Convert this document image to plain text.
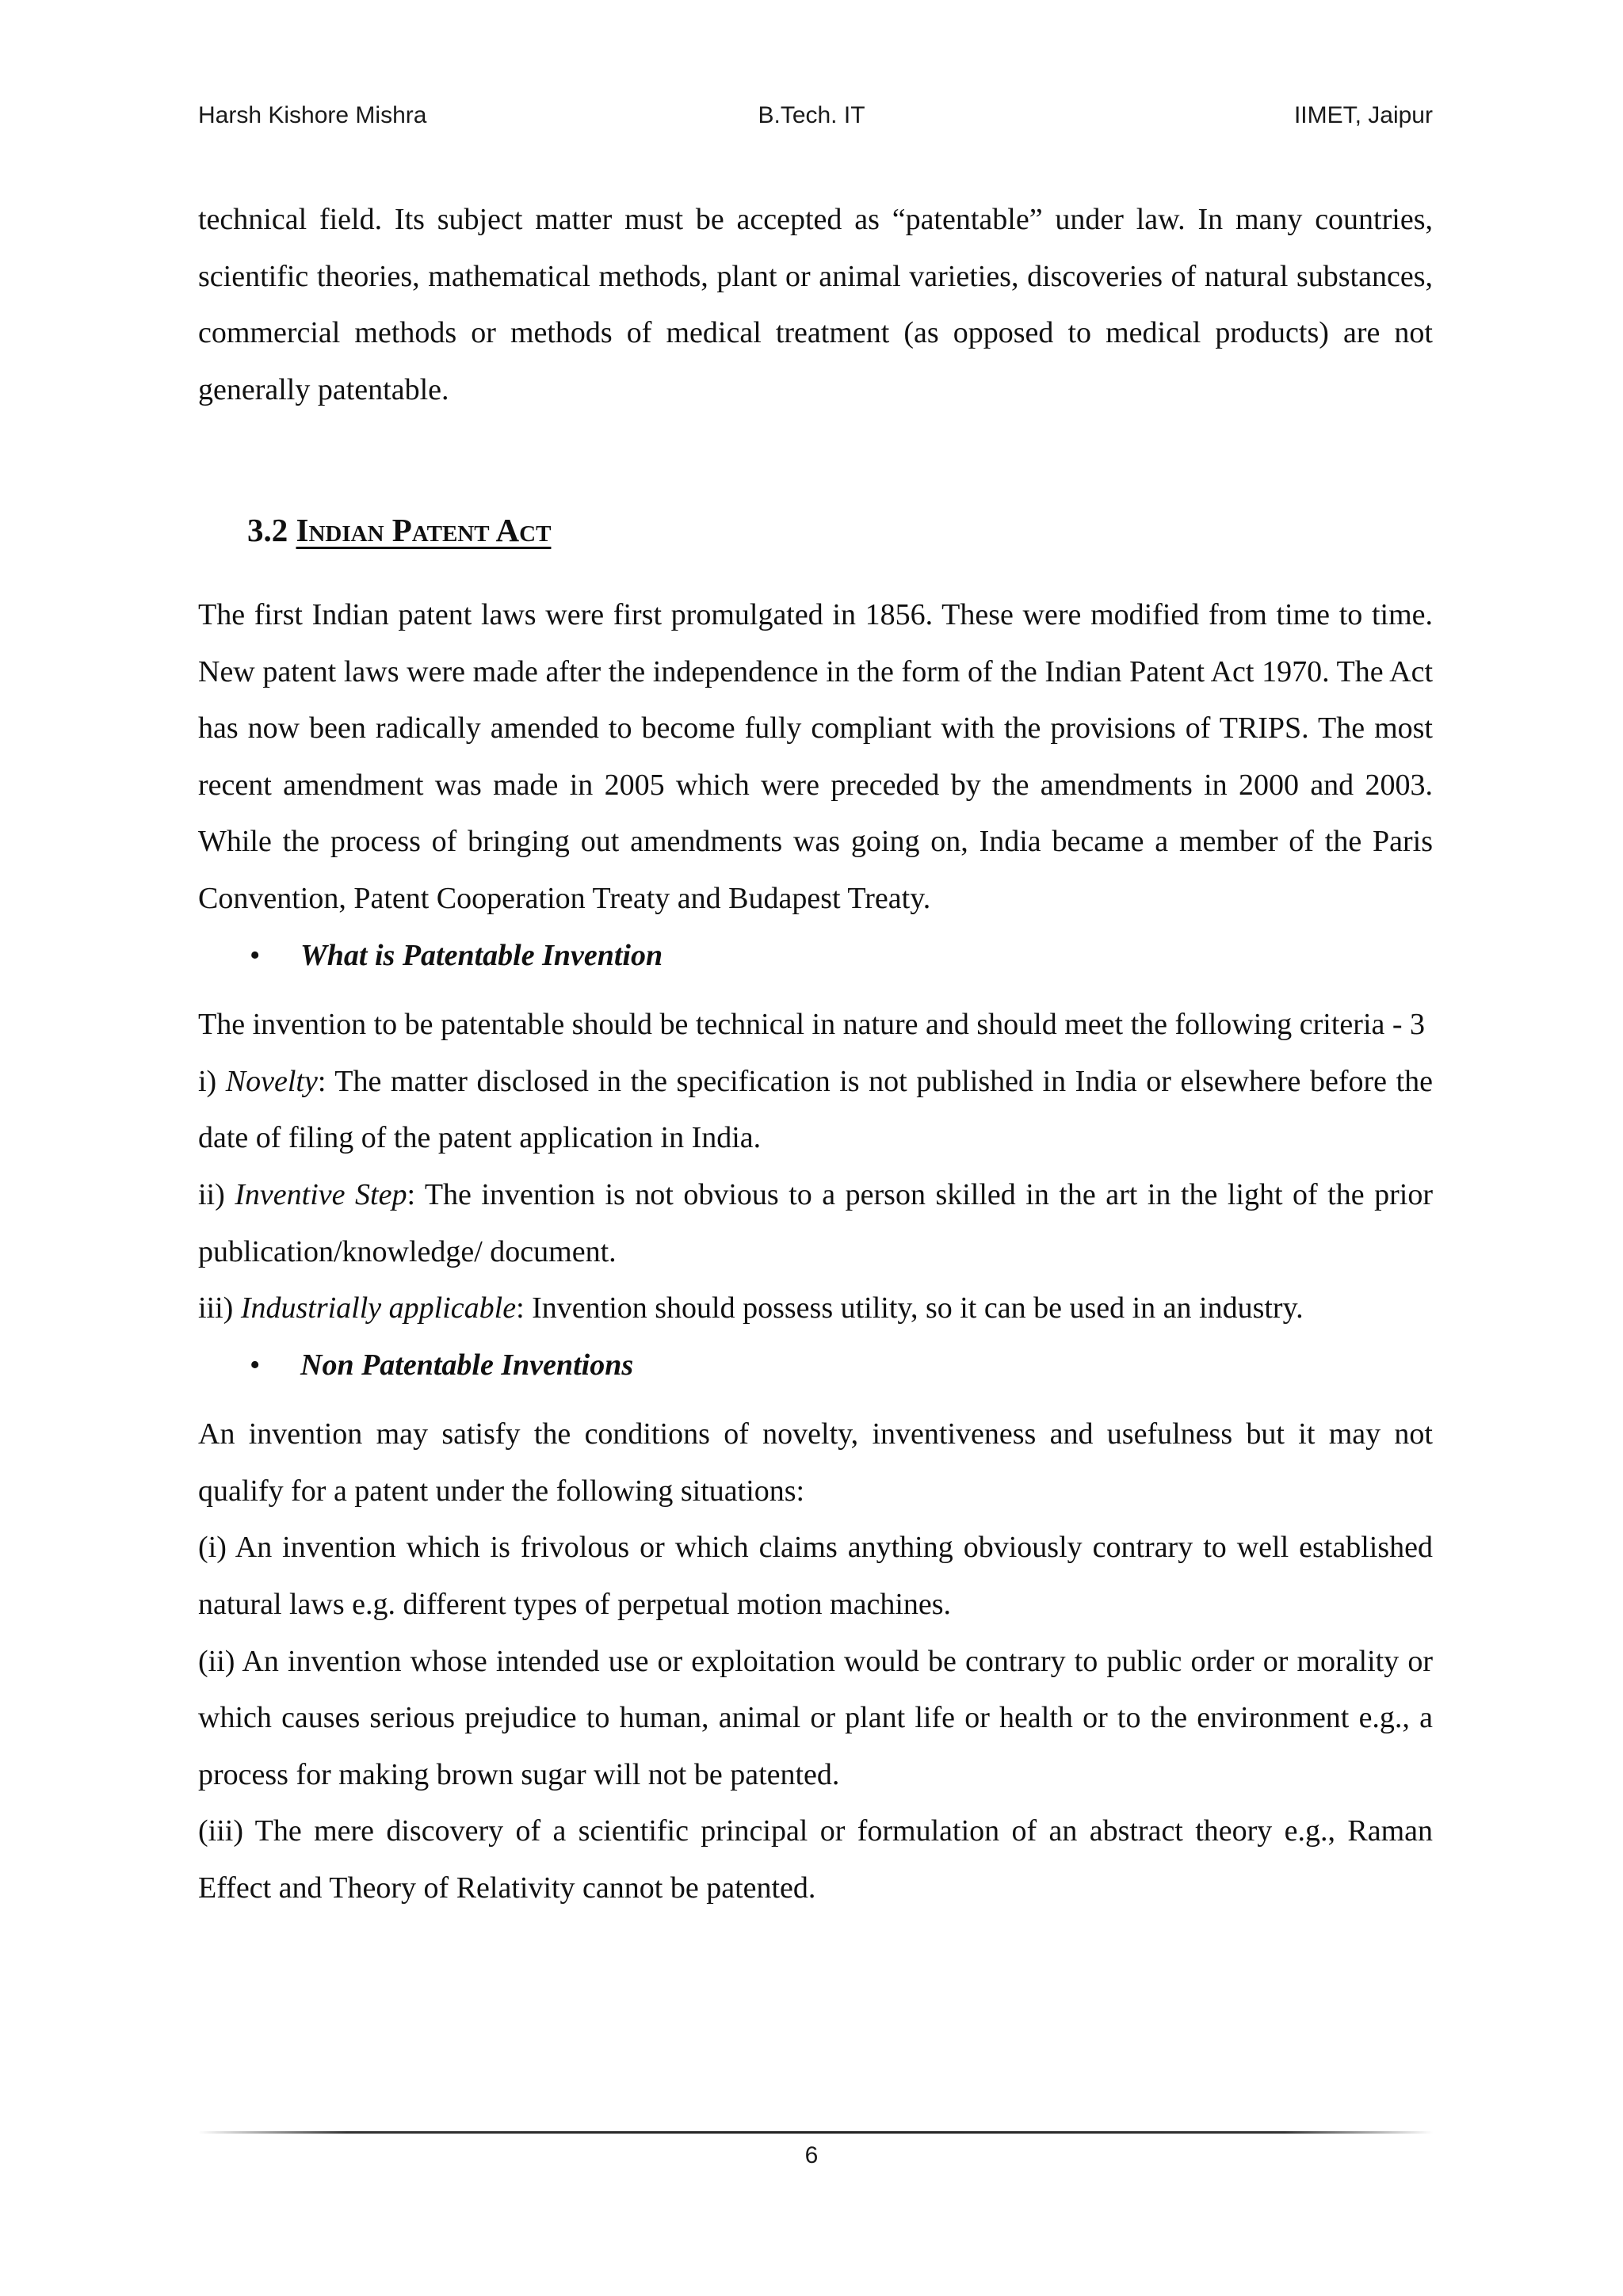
B.Tech. IT
Harsh Kishore Mishra	IIMET, Jaipur

technical field. Its subject matter must be accepted as “patentable” under law. In many countries, scientific theories, mathematical methods, plant or animal varieties, discoveries of natural substances, commercial methods or methods of medical treatment (as opposed to medical products) are not generally patentable.

3.2 Indian Patent Act

The first Indian patent laws were first promulgated in 1856. These were modified from time to time. New patent laws were made after the independence in the form of the Indian Patent Act 1970. The Act has now been radically amended to become fully compliant with the provisions of TRIPS. The most recent amendment was made in 2005 which were preceded by the amendments in 2000 and 2003. While the process of bringing out amendments was going on, India became a member of the Paris Convention, Patent Cooperation Treaty and Budapest Treaty.

• What is Patentable Invention

The invention to be patentable should be technical in nature and should meet the following criteria - 3

i) Novelty: The matter disclosed in the specification is not published in India or elsewhere before the date of filing of the patent application in India.

ii) Inventive Step: The invention is not obvious to a person skilled in the art in the light of the prior publication/knowledge/ document.

iii) Industrially applicable: Invention should possess utility, so it can be used in an industry.

• Non Patentable Inventions

An invention may satisfy the conditions of novelty, inventiveness and usefulness but it may not qualify for a patent under the following situations:

(i) An invention which is frivolous or which claims anything obviously contrary to well established natural laws e.g. different types of perpetual motion machines.

(ii) An invention whose intended use or exploitation would be contrary to public order or morality or which causes serious prejudice to human, animal or plant life or health or to the environment e.g., a process for making brown sugar will not be patented.

(iii) The mere discovery of a scientific principal or formulation of an abstract theory e.g., Raman Effect and Theory of Relativity cannot be patented.

6
